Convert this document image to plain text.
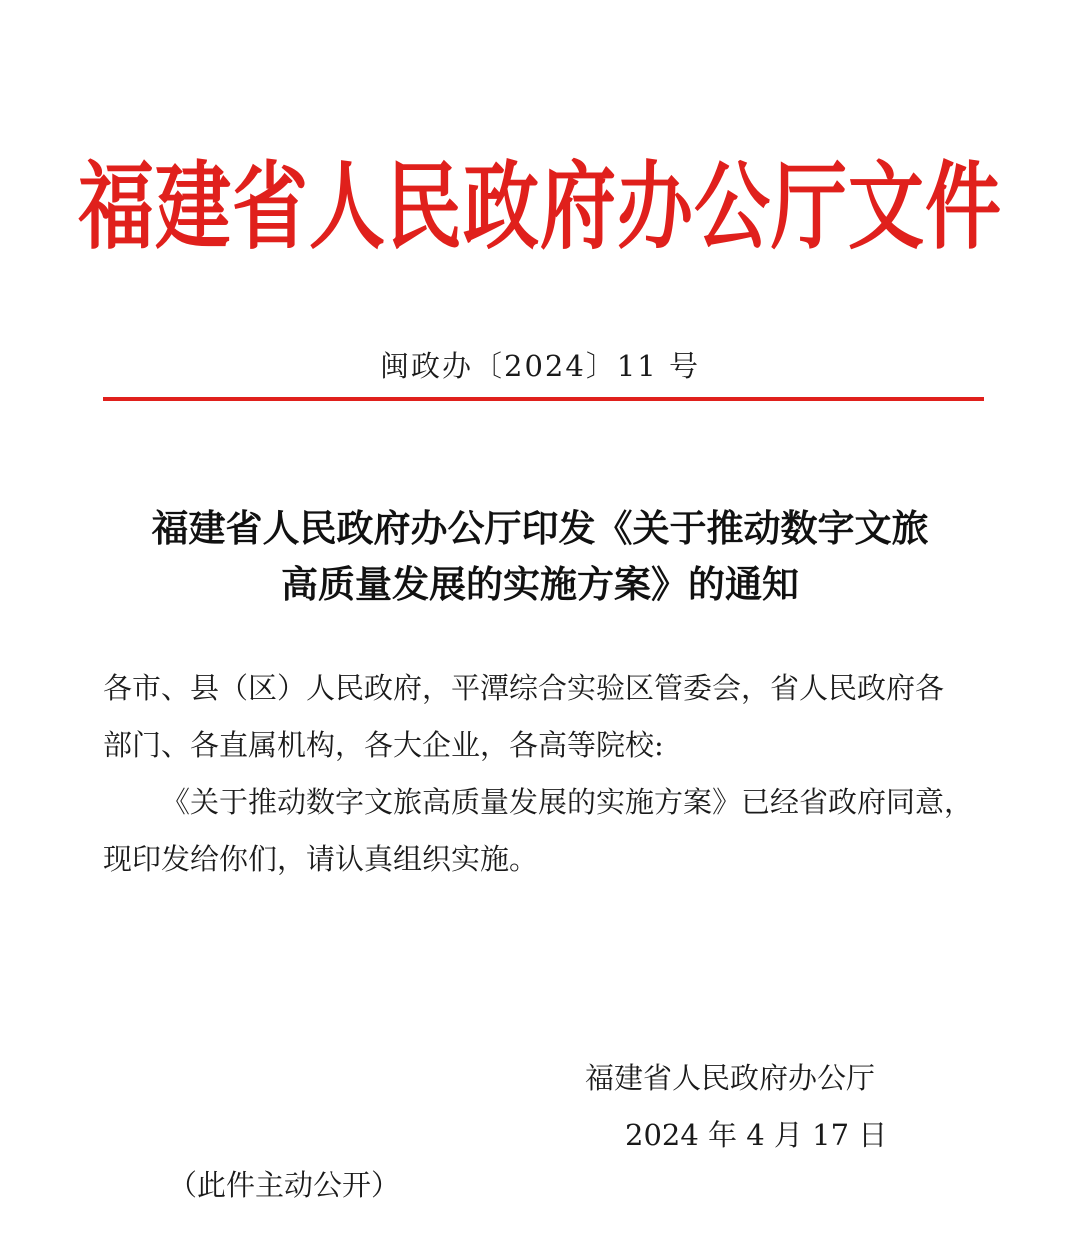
福建省人民政府办公厅文件
闽政办〔2024〕11 号
福建省人民政府办公厅印发《关于推动数字文旅
高质量发展的实施方案》的通知
各市、县（区）人民政府，平潭综合实验区管委会，省人民政府各
部门、各直属机构，各大企业，各高等院校:
《关于推动数字文旅高质量发展的实施方案》已经省政府同意，
现印发给你们，请认真组织实施。
福建省人民政府办公厅
2024 年 4 月 17 日
（此件主动公开）
